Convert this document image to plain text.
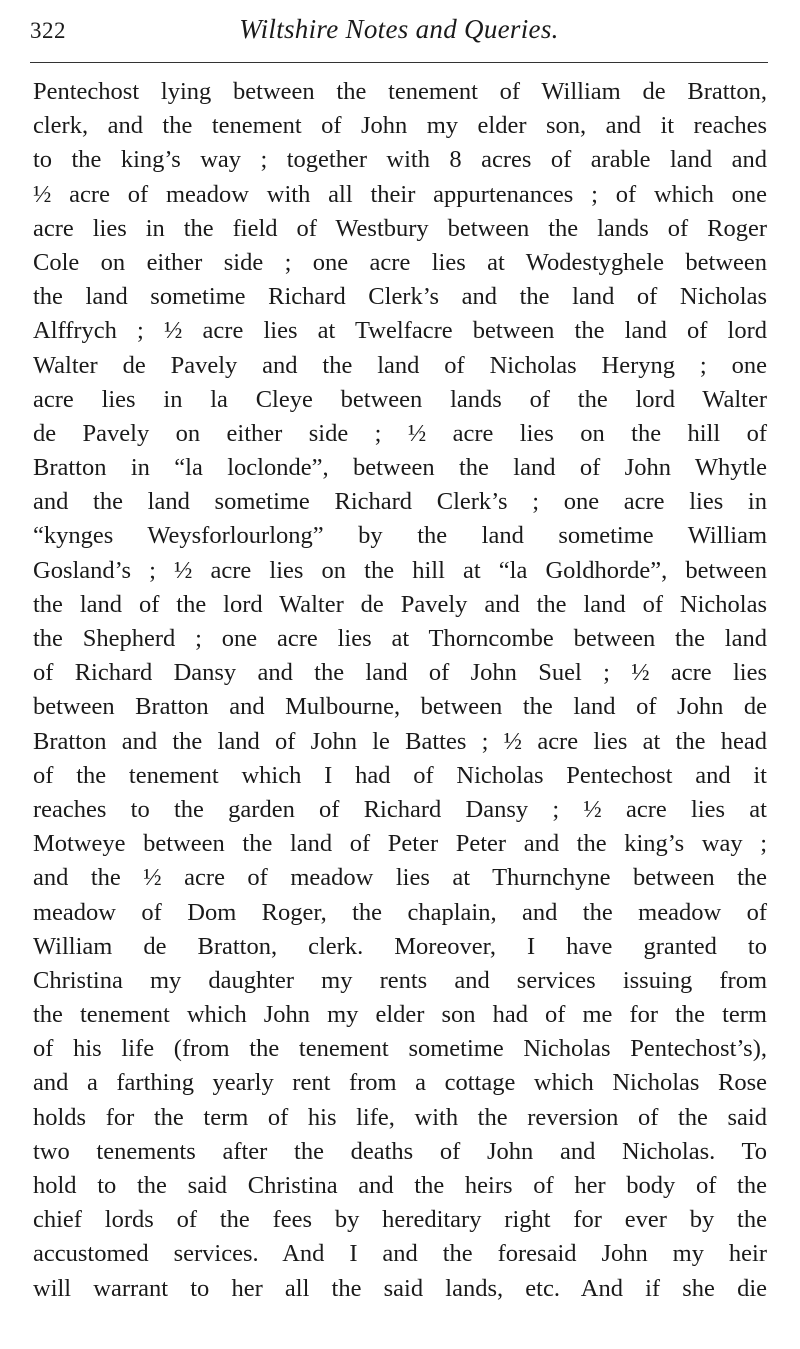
322	Wiltshire Notes and Queries.
Pentechost lying between the tenement of William de Bratton,
clerk, and the tenement of John my elder son, and it reaches
to the king’s way ; together with 8 acres of arable land and
½ acre of meadow with all their appurtenances ; of which one
acre lies in the field of Westbury between the lands of Roger
Cole on either side ; one acre lies at Wodestyghele between
the land sometime Richard Clerk’s and the land of Nicholas
Alffrych ; ½ acre lies at Twelfacre between the land of lord
Walter de Pavely and the land of Nicholas Heryng ; one
acre lies in la Cleye between lands of the lord Walter
de Pavely on either side ; ½ acre lies on the hill of
Bratton in “la loclonde”, between the land of John Whytle
and the land sometime Richard Clerk’s ; one acre lies in
“kynges Weysforlourlong” by the land sometime William
Gosland’s ; ½ acre lies on the hill at “la Goldhorde”, between
the land of the lord Walter de Pavely and the land of Nicholas
the Shepherd ; one acre lies at Thorncombe between the land
of Richard Dansy and the land of John Suel ; ½ acre lies
between Bratton and Mulbourne, between the land of John de
Bratton and the land of John le Battes ; ½ acre lies at the head
of the tenement which I had of Nicholas Pentechost and it
reaches to the garden of Richard Dansy ; ½ acre lies at
Motweye between the land of Peter Peter and the king’s way ;
and the ½ acre of meadow lies at Thurnchyne between the
meadow of Dom Roger, the chaplain, and the meadow of
William de Bratton, clerk. Moreover, I have granted to
Christina my daughter my rents and services issuing from
the tenement which John my elder son had of me for the term
of his life (from the tenement sometime Nicholas Pentechost’s),
and a farthing yearly rent from a cottage which Nicholas Rose
holds for the term of his life, with the reversion of the said
two tenements after the deaths of John and Nicholas. To
hold to the said Christina and the heirs of her body of the
chief lords of the fees by hereditary right for ever by the
accustomed services. And I and the foresaid John my heir
will warrant to her all the said lands, etc. And if she die
